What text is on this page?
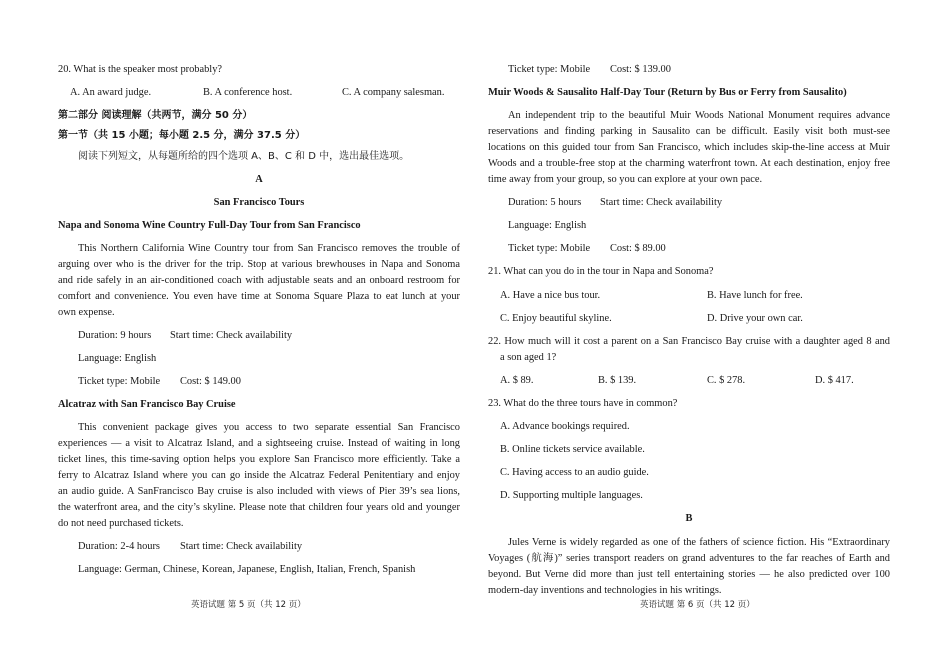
20. What is the speaker most probably?
A. An award judge.	B. A conference host.	C. A company salesman.
第二部分 阅读理解（共两节，满分 50 分）
第一节（共 15 小题；每小题 2.5 分，满分 37.5 分）
阅读下列短文，从每题所给的四个选项 A、B、C 和 D 中，选出最佳选项。
A
San Francisco Tours
Napa and Sonoma Wine Country Full-Day Tour from San Francisco
This Northern California Wine Country tour from San Francisco removes the trouble of
arguing over who is the driver for the trip. Stop at various brewhouses in Napa and Sonoma
and ride safely in an air-conditioned coach with adjustable seats and an onboard restroom for
comfort and convenience. You even have time at Sonoma Square Plaza to eat lunch at your
own expense.
Duration: 9 hours Start time: Check availability
Language: English
Ticket type: Mobile Cost: $ 149.00
Alcatraz with San Francisco Bay Cruise
This convenient package gives you access to two separate essential San Francisco
experiences — a visit to Alcatraz Island, and a sightseeing cruise. Instead of waiting in long
ticket lines, this time-saving option helps you explore San Francisco more efficiently. Take a
ferry to Alcatraz Island where you can go inside the Alcatraz Federal Penitentiary and enjoy
an audio guide. A SanFrancisco Bay cruise is also included with views of Pier 39’s sea lions,
the waterfront area, and the city’s skyline. Please note that children four years old and younger
do not need purchased tickets.
Duration: 2-4 hours Start time: Check availability
Language: German, Chinese, Korean, Japanese, English, Italian, French, Spanish
英语试题 第 5 页（共 12 页）
Ticket type: Mobile Cost: $ 139.00
Muir Woods & Sausalito Half-Day Tour (Return by Bus or Ferry from Sausalito)
An independent trip to the beautiful Muir Woods National Monument requires advance
reservations and finding parking in Sausalito can be difficult. Easily visit both must-see
locations on this guided tour from San Francisco, which includes skip-the-line access at Muir
Woods and a trouble-free stop at the charming waterfront town. At each destination, enjoy free
time away from your group, so you can explore at your own pace.
Duration: 5 hours Start time: Check availability
Language: English
Ticket type: Mobile Cost: $ 89.00
21. What can you do in the tour in Napa and Sonoma?
A. Have a nice bus tour.	B. Have lunch for free.
C. Enjoy beautiful skyline.	D. Drive your own car.
22. How much will it cost a parent on a San Francisco Bay cruise with a daughter aged 8 and
a son aged 1?
A. $ 89.	B. $ 139.	C. $ 278.	D. $ 417.
23. What do the three tours have in common?
A. Advance bookings required.
B. Online tickets service available.
C. Having access to an audio guide.
D. Supporting multiple languages.
B
Jules Verne is widely regarded as one of the fathers of science fiction. His “Extraordinary
Voyages (航海)” series transport readers on grand adventures to the far reaches of Earth and
beyond. But Verne did more than just tell entertaining stories — he also predicted over 100
modern-day inventions and technologies in his writings.
英语试题 第 6 页（共 12 页）
